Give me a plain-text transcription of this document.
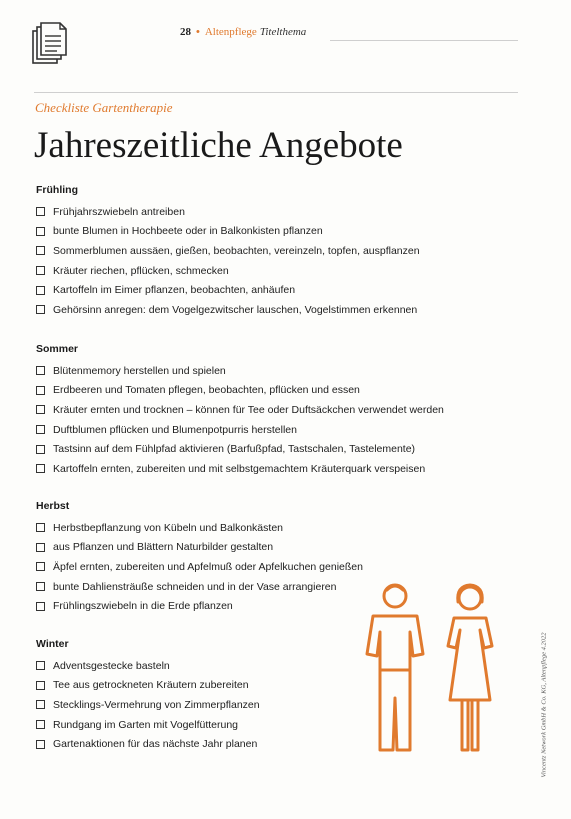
28 • Altenpflege Titelthema
Checkliste Gartentherapie
Jahreszeitliche Angebote
Frühling
Frühjahrszwiebeln antreiben
bunte Blumen in Hochbeete oder in Balkonkisten pflanzen
Sommerblumen aussäen, gießen, beobachten, vereinzeln, topfen, auspflanzen
Kräuter riechen, pflücken, schmecken
Kartoffeln im Eimer pflanzen, beobachten, anhäufen
Gehörsinn anregen: dem Vogelgezwitscher lauschen, Vogelstimmen erkennen
Sommer
Blütenmemory herstellen und spielen
Erdbeeren und Tomaten pflegen, beobachten, pflücken und essen
Kräuter ernten und trocknen – können für Tee oder Duftsäckchen verwendet werden
Duftblumen pflücken und Blumenpotpurris herstellen
Tastsinn auf dem Fühlpfad aktivieren (Barfußpfad, Tastschalen, Tastelemente)
Kartoffeln ernten, zubereiten und mit selbstgemachtem Kräuterquark verspeisen
Herbst
Herbstbepflanzung von Kübeln und Balkonkästen
aus Pflanzen und Blättern Naturbilder gestalten
Äpfel ernten, zubereiten und Apfelmuß oder Apfelkuchen genießen
bunte Dahliensträuße schneiden und in der Vase arrangieren
Frühlingszwiebeln in die Erde pflanzen
Winter
Adventsgestecke basteln
Tee aus getrockneten Kräutern zubereiten
Stecklings-Vermehrung von Zimmerpflanzen
Rundgang im Garten mit Vogelfütterung
Gartenaktionen für das nächste Jahr planen	Vincentz Network GmbH & Co. KG, Altenpflege 4.2022
